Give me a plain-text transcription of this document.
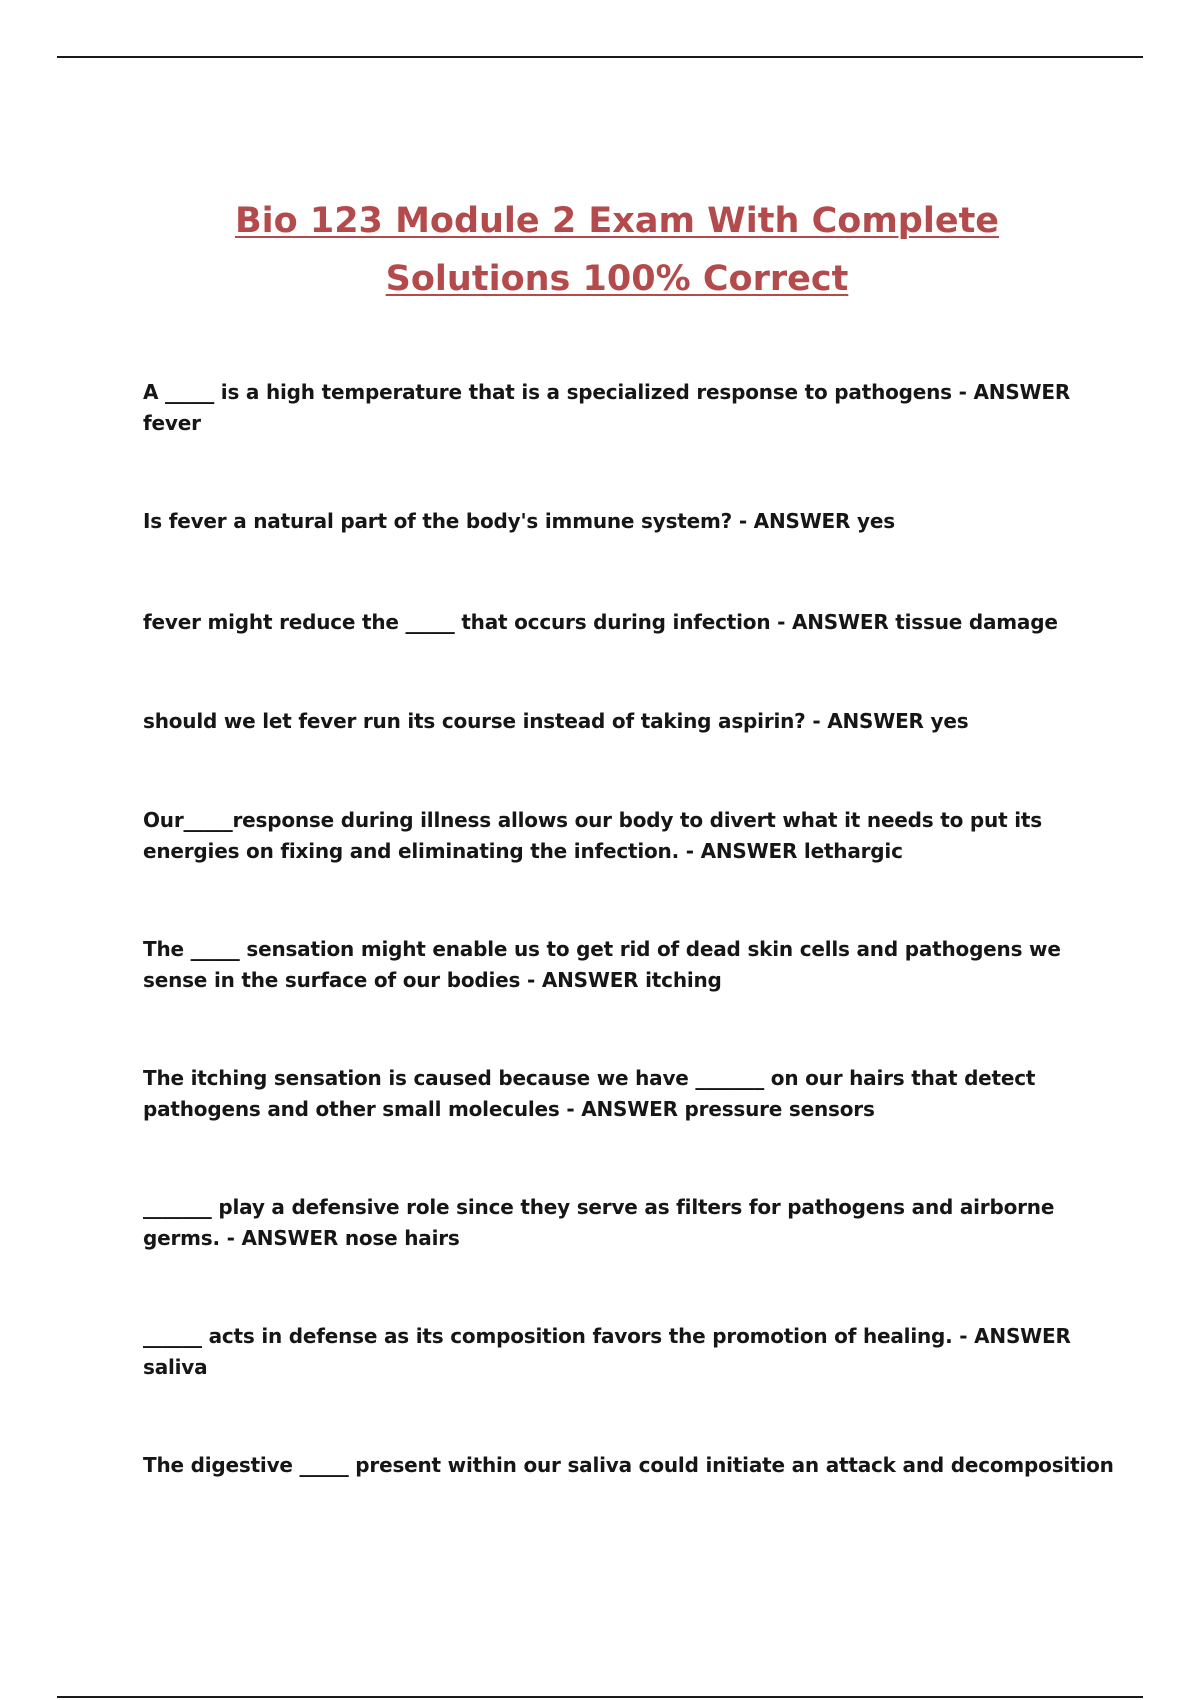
Bio 123 Module 2 Exam With Complete
Solutions 100% Correct
A _____ is a high temperature that is a specialized response to pathogens - ANSWER fever
Is fever a natural part of the body's immune system? - ANSWER yes
fever might reduce the _____ that occurs during infection - ANSWER tissue damage
should we let fever run its course instead of taking aspirin? - ANSWER yes
Our_____response during illness allows our body to divert what it needs to put its energies on fixing and eliminating the infection. - ANSWER lethargic
The _____ sensation might enable us to get rid of dead skin cells and pathogens we sense in the surface of our bodies - ANSWER itching
The itching sensation is caused because we have _______ on our hairs that detect pathogens and other small molecules - ANSWER pressure sensors
_______ play a defensive role since they serve as filters for pathogens and airborne germs. - ANSWER nose hairs
______ acts in defense as its composition favors the promotion of healing. - ANSWER saliva
The digestive _____ present within our saliva could initiate an attack and decomposition
